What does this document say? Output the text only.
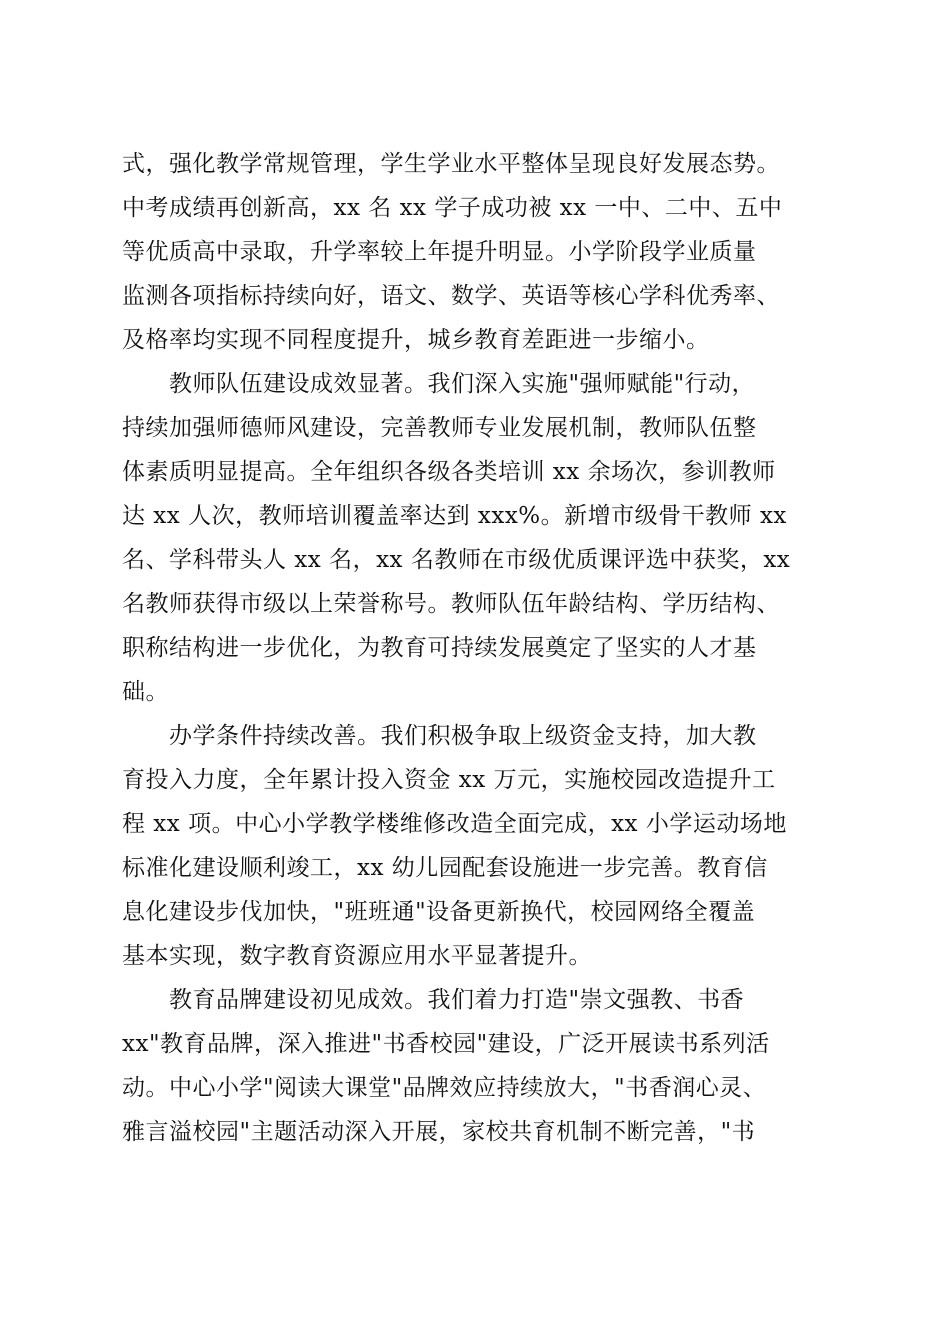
式，强化教学常规管理，学生学业水平整体呈现良好发展态势。
中考成绩再创新高，xx 名 xx 学子成功被 xx 一中、二中、五中
等优质高中录取，升学率较上年提升明显。小学阶段学业质量
监测各项指标持续向好，语文、数学、英语等核心学科优秀率、
及格率均实现不同程度提升，城乡教育差距进一步缩小。
　　教师队伍建设成效显著。我们深入实施"强师赋能"行动，
持续加强师德师风建设，完善教师专业发展机制，教师队伍整
体素质明显提高。全年组织各级各类培训 xx 余场次，参训教师
达 xx 人次，教师培训覆盖率达到 xxx%。新增市级骨干教师 xx
名、学科带头人 xx 名，xx 名教师在市级优质课评选中获奖，xx
名教师获得市级以上荣誉称号。教师队伍年龄结构、学历结构、
职称结构进一步优化，为教育可持续发展奠定了坚实的人才基
础。
　　办学条件持续改善。我们积极争取上级资金支持，加大教
育投入力度，全年累计投入资金 xx 万元，实施校园改造提升工
程 xx 项。中心小学教学楼维修改造全面完成，xx 小学运动场地
标准化建设顺利竣工，xx 幼儿园配套设施进一步完善。教育信
息化建设步伐加快，"班班通"设备更新换代，校园网络全覆盖
基本实现，数字教育资源应用水平显著提升。
　　教育品牌建设初见成效。我们着力打造"崇文强教、书香
xx"教育品牌，深入推进"书香校园"建设，广泛开展读书系列活
动。中心小学"阅读大课堂"品牌效应持续放大，"书香润心灵、
雅言溢校园"主题活动深入开展，家校共育机制不断完善，"书
